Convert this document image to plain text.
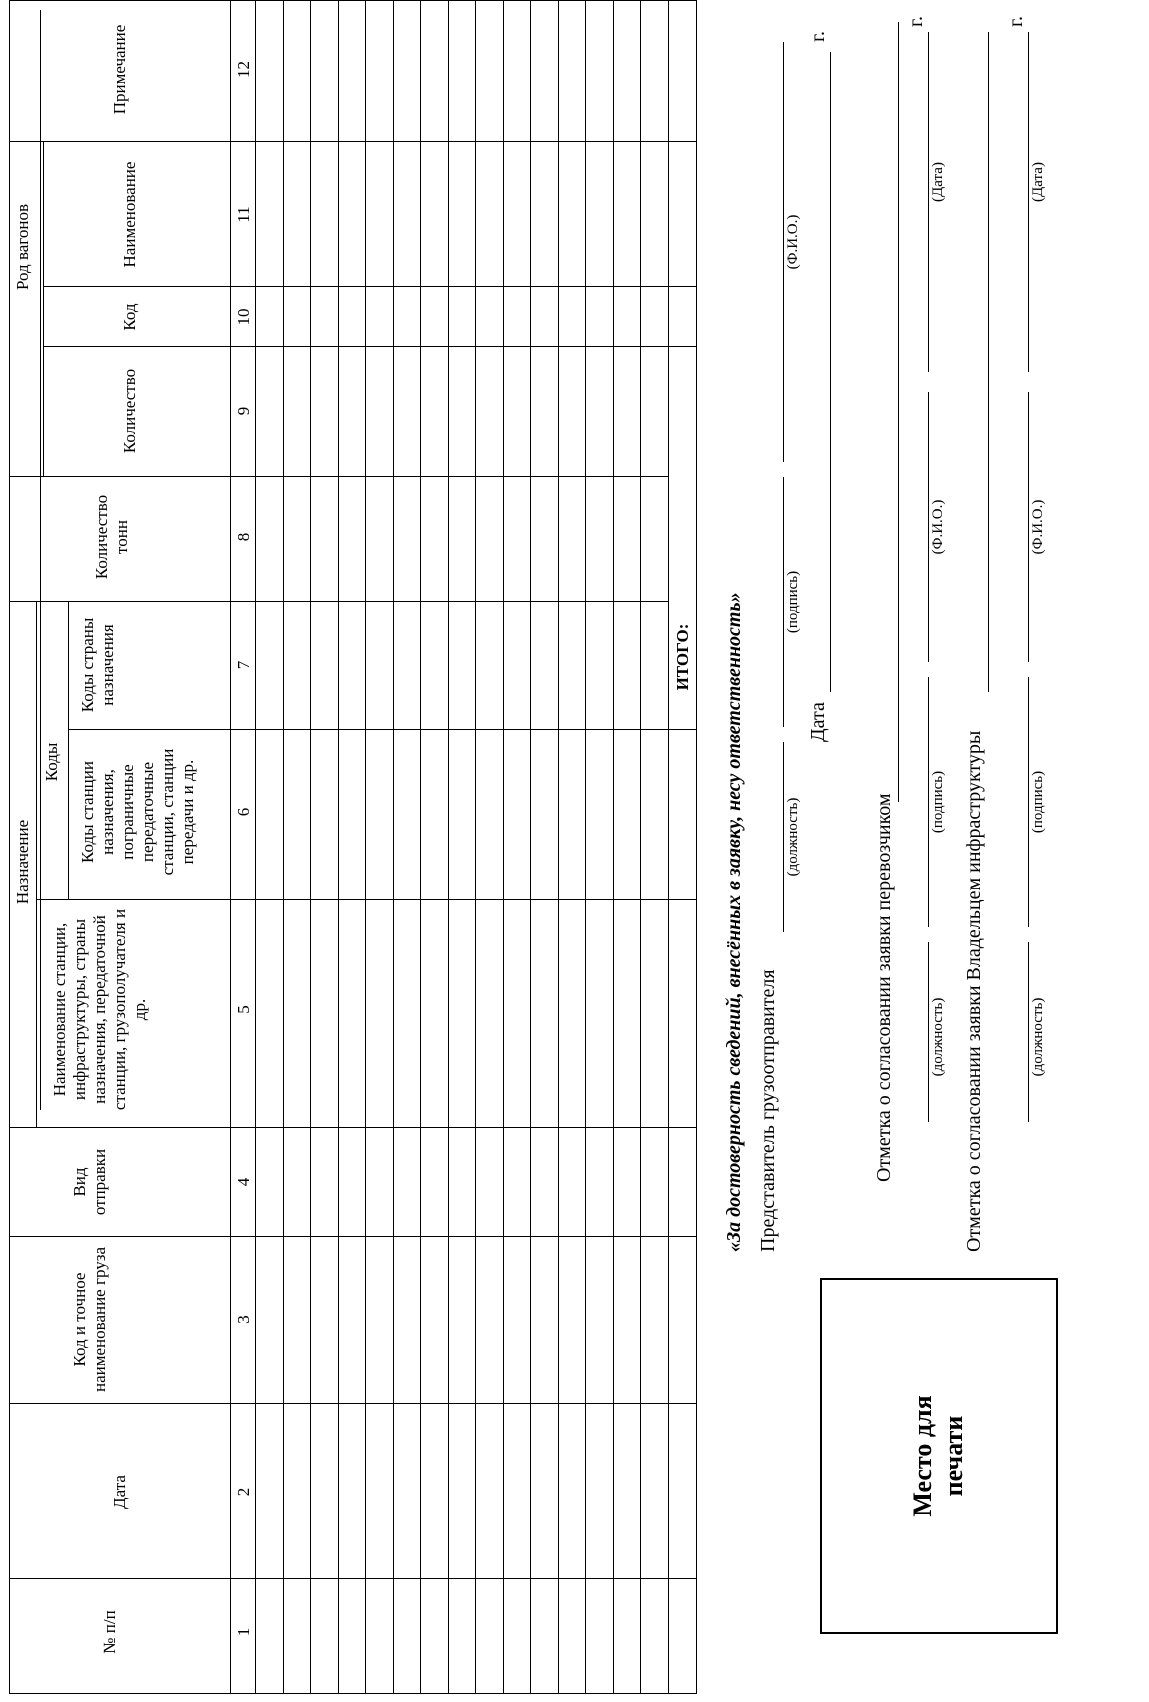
№ п/п
Дата
Код и точное наименование груза
Вид отправки
Назначение
Наименование станции, инфраструктуры, страны назначения, передаточной станции, грузополучателя и др.
Коды Коды станции назначения, пограничные передаточные станции, станции передачи и др.
Коды страны назначения
Количество тонн
Род вагонов
Количество
Код
Наименование
Примечание
1
2
3
4
5
6
7
8
9
10
11
12
ИТОГО:
Место для печати
«За достоверность сведений, внесённых в заявку, несу ответственность» Представитель грузоотправителя
(должность)
(подпись)
(Ф.И.О.)
Дата
г.
Отметка о согласовании заявки перевозчиком (должность)
(подпись)
(Ф.И.О.)
(Дата)
г.
Отметка о согласовании заявки Владельцем инфраструктуры	(должность)
(подпись)
(Ф.И.О.)
(Дата)
г.
